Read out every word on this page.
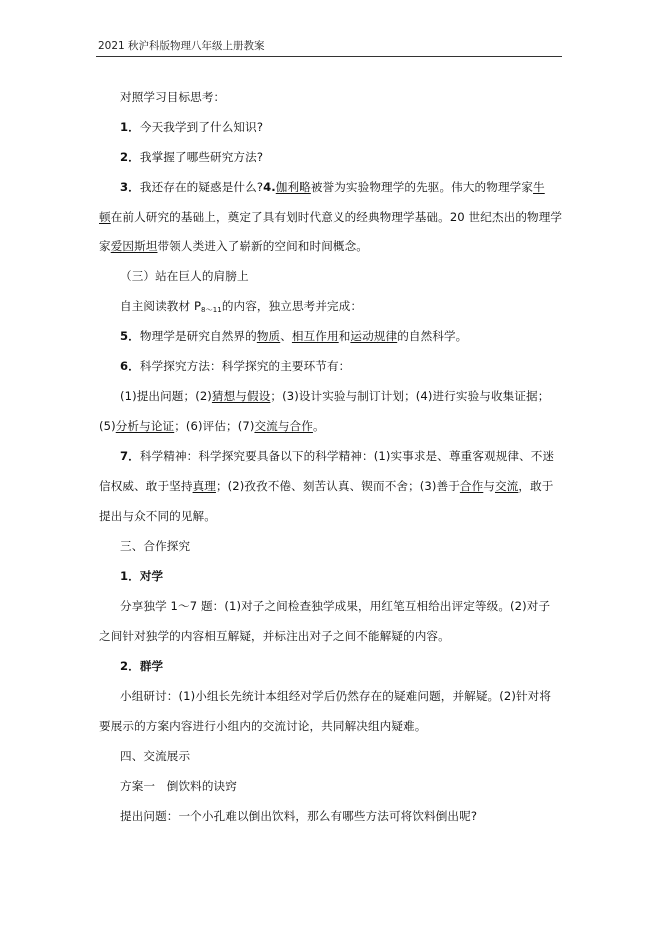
2021 秋沪科版物理八年级上册教案
对照学习目标思考：
1．今天我学到了什么知识?
2．我掌握了哪些研究方法?
3．我还存在的疑惑是什么?4.伽利略被誉为实验物理学的先驱。伟大的物理学家牛
顿在前人研究的基础上，奠定了具有划时代意义的经典物理学基础。20 世纪杰出的物理学
家爱因斯坦带领人类进入了崭新的空间和时间概念。
（三）站在巨人的肩膀上
自主阅读教材 $P_{8\sim 11}$的内容，独立思考并完成：
5．物理学是研究自然界的物质、相互作用和运动规律的自然科学。
6．科学探究方法：科学探究的主要环节有：
(1)提出问题；(2)猜想与假设；(3)设计实验与制订计划；(4)进行实验与收集证据；
(5)分析与论证；(6)评估；(7)交流与合作。
7．科学精神：科学探究要具备以下的科学精神：(1)实事求是、尊重客观规律、不迷
信权威、敢于坚持真理；(2)孜孜不倦、刻苦认真、锲而不舍；(3)善于合作与交流，敢于
提出与众不同的见解。
三、合作探究
1．对学
分享独学 1～7 题：(1)对子之间检查独学成果，用红笔互相给出评定等级。(2)对子
之间针对独学的内容相互解疑，并标注出对子之间不能解疑的内容。
2．群学
小组研讨：(1)小组长先统计本组经对学后仍然存在的疑难问题，并解疑。(2)针对将
要展示的方案内容进行小组内的交流讨论，共同解决组内疑难。
四、交流展示
方案一　倒饮料的诀窍
提出问题：一个小孔难以倒出饮料，那么有哪些方法可将饮料倒出呢?
